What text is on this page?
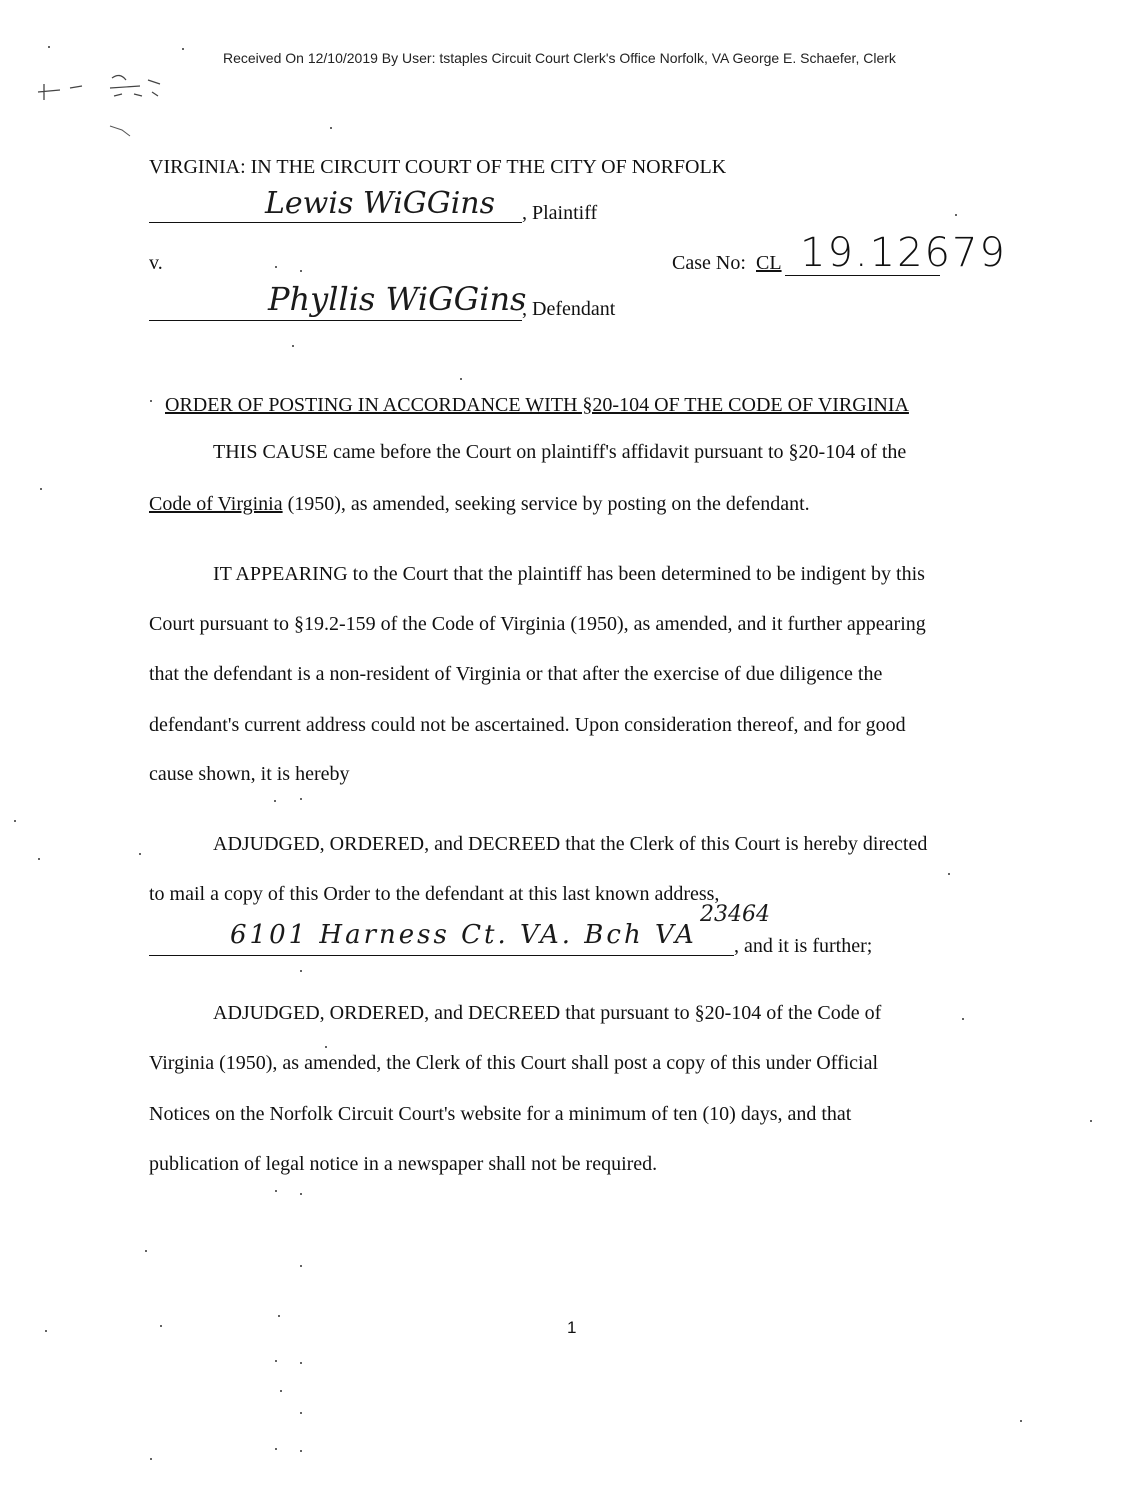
Received On 12/10/2019 By User: tstaples Circuit Court Clerk's Office Norfolk, VA George E. Schaefer, Clerk
VIRGINIA: IN THE CIRCUIT COURT OF THE CITY OF NORFOLK
Lewis WiGGins , Plaintiff
v.	Case No: CL 19.12679
Phyllis WiGGins
, Defendant
ORDER OF POSTING IN ACCORDANCE WITH §20-104 OF THE CODE OF VIRGINIA
THIS CAUSE came before the Court on plaintiff's affidavit pursuant to §20-104 of the
Code of Virginia (1950), as amended, seeking service by posting on the defendant.
IT APPEARING to the Court that the plaintiff has been determined to be indigent by this
Court pursuant to §19.2-159 of the Code of Virginia (1950), as amended, and it further appearing
that the defendant is a non-resident of Virginia or that after the exercise of due diligence the
defendant's current address could not be ascertained. Upon consideration thereof, and for good
cause shown, it is hereby
ADJUDGED, ORDERED, and DECREED that the Clerk of this Court is hereby directed
to mail a copy of this Order to the defendant at this last known address,
6101 Harness Ct. VA. Bch VA
23464
, and it is further;
ADJUDGED, ORDERED, and DECREED that pursuant to §20-104 of the Code of
Virginia (1950), as amended, the Clerk of this Court shall post a copy of this under Official
Notices on the Norfolk Circuit Court's website for a minimum of ten (10) days, and that
publication of legal notice in a newspaper shall not be required.
1
